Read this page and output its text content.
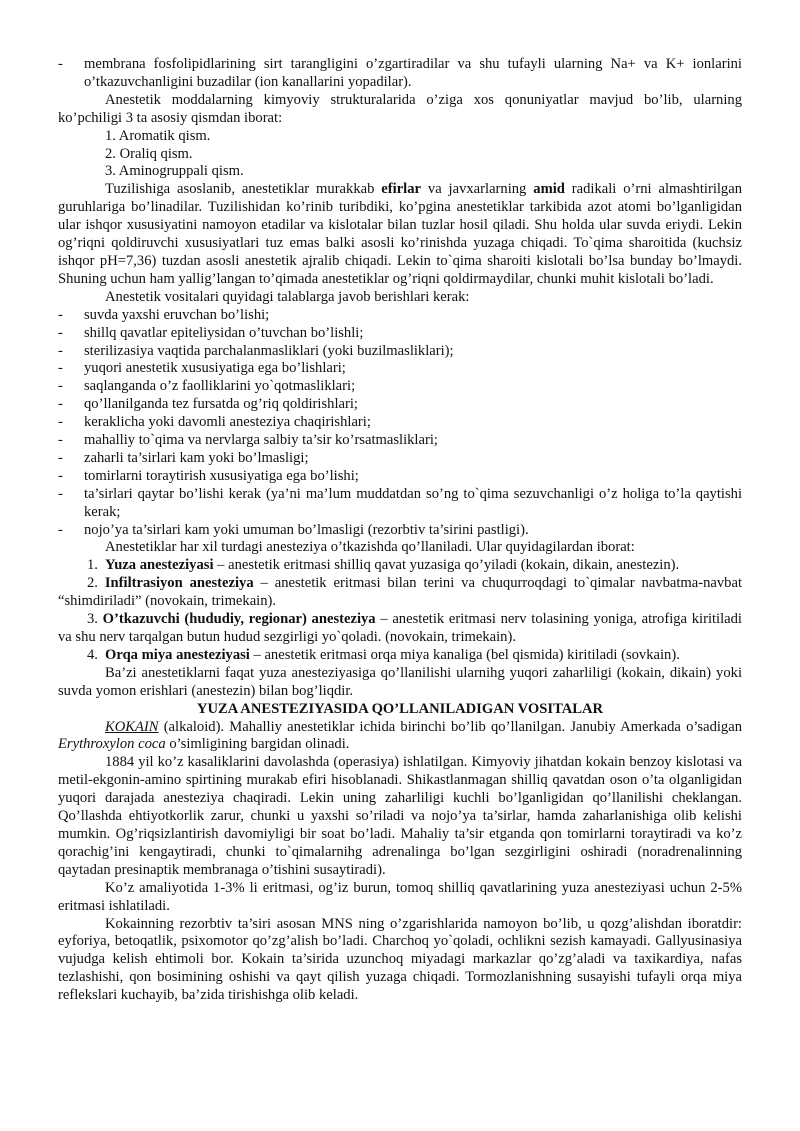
- membrana fosfolipidlarining sirt tarangligini o’zgartiradilar va shu tufayli ularning Na+ va K+ ionlarini o’tkazuvchanligini buzadilar (ion kanallarini yopadilar).

Anestetik moddalarning kimyoviy strukturalarida o’ziga xos qonuniyatlar mavjud bo’lib, ularning ko’pchiligi 3 ta asosiy qismdan iborat:

1. Aromatik qism.

2. Oraliq qism.

3. Aminogruppali qism.

Tuzilishiga asoslanib, anestetiklar murakkab efirlar va javxarlarning amid radikali o’rni almashtirilgan guruhlariga bo’linadilar. Tuzilishidan ko’rinib turibdiki, ko’pgina anestetiklar tarkibida azot atomi bo’lganligidan ular ishqor xususiyatini namoyon etadilar va kislotalar bilan tuzlar hosil qiladi. Shu holda ular suvda eriydi. Lekin og’riqni qoldiruvchi xususiyatlari tuz emas balki asosli ko’rinishda yuzaga chiqadi. To`qima sharoitida (kuchsiz ishqor pH=7,36) tuzdan asosli anestetik ajralib chiqadi. Lekin to`qima sharoiti kislotali bo’lsa bunday bo’lmaydi. Shuning uchun ham yallig’langan to’qimada anestetiklar og’riqni qoldirmaydilar, chunki muhit kislotali bo’ladi.

Anestetik vositalari quyidagi talablarga javob berishlari kerak:

- suvda yaxshi eruvchan bo’lishi;

- shillq qavatlar epiteliysidan o’tuvchan bo’lishli;

- sterilizasiya vaqtida parchalanmasliklari (yoki buzilmasliklari);

- yuqori anestetik xususiyatiga ega bo’lishlari;

- saqlanganda o’z faolliklarini yo`qotmasliklari;

- qo’llanilganda tez fursatda og’riq qoldirishlari;

- keraklicha yoki davomli anesteziya chaqirishlari;

- mahalliy to`qima va nervlarga salbiy ta’sir ko’rsatmasliklari;

- zaharli ta’sirlari kam yoki bo’lmasligi;

- tomirlarni toraytirish xususiyatiga ega bo’lishi;

- ta’sirlari qaytar bo’lishi kerak (ya’ni ma’lum muddatdan so’ng to`qima sezuvchanligi o’z holiga to’la qaytishi kerak;

- nojo’ya ta’sirlari kam yoki umuman bo’lmasligi (rezorbtiv ta’sirini pastligi).

Anestetiklar har xil turdagi anesteziya o’tkazishda qo’llaniladi. Ular quyidagilardan iborat:

1. Yuza anesteziyasi – anestetik eritmasi shilliq qavat yuzasiga qo’yiladi (kokain, dikain, anestezin).

2. Infiltrasiyon anesteziya – anestetik eritmasi bilan terini va chuqurroqdagi to`qimalar navbatma-navbat “shimdiriladi” (novokain, trimekain).

3. O’tkazuvchi (hududiy, regionar) anesteziya – anestetik eritmasi nerv tolasining yoniga, atrofiga kiritiladi va shu nerv tarqalgan butun hudud sezgirligi yo`qoladi. (novokain, trimekain).

4. Orqa miya anesteziyasi – anestetik eritmasi orqa miya kanaliga (bel qismida) kiritiladi (sovkain).

Ba’zi anestetiklarni faqat yuza anesteziyasiga qo’llanilishi ularnihg yuqori zaharliligi (kokain, dikain) yoki suvda yomon erishlari (anestezin) bilan bog’liqdir.

YUZA ANESTEZIYASIDA QO’LLANILADIGAN VOSITALAR

KOKAIN (alkaloid). Mahalliy anestetiklar ichida birinchi bo’lib qo’llanilgan. Janubiy Amerkada o’sadigan Erythroxylon coca o’simligining bargidan olinadi.

1884 yil ko’z kasaliklarini davolashda (operasiya) ishlatilgan. Kimyoviy jihatdan kokain benzoy kislotasi va metil-ekgonin-amino spirtining murakab efiri hisoblanadi. Shikastlanmagan shilliq qavatdan oson o’ta olganligidan yuqori darajada anesteziya chaqiradi. Lekin uning zaharliligi kuchli bo’lganligidan qo’llanilishi cheklangan. Qo’llashda ehtiyotkorlik zarur, chunki u yaxshi so’riladi va nojo’ya ta’sirlar, hamda zaharlanishiga olib kelishi mumkin. Og’riqsizlantirish davomiyligi bir soat bo’ladi. Mahaliy ta’sir etganda qon tomirlarni toraytiradi va ko’z qorachig’ini kengaytiradi, chunki to`qimalarnihg adrenalinga bo’lgan sezgirligini oshiradi (noradrenalinning qaytadan presinaptik membranaga o’tishini susaytiradi).

Ko’z amaliyotida 1-3% li eritmasi, og’iz burun, tomoq shilliq qavatlarining yuza anesteziyasi uchun 2-5% eritmasi ishlatiladi.

Kokainning rezorbtiv ta’siri asosan MNS ning o’zgarishlarida namoyon bo’lib, u qozg’alishdan iboratdir: eyforiya, betoqatlik, psixomotor qo’zg’alish bo’ladi. Charchoq yo`qoladi, ochlikni sezish kamayadi. Gallyusinasiya vujudga kelish ehtimoli bor. Kokain ta’sirida uzunchoq miyadagi markazlar qo’zg’aladi va taxikardiya, nafas tezlashishi, qon bosimining oshishi va qayt qilish yuzaga chiqadi. Tormozlanishning susayishi tufayli orqa miya reflekslari kuchayib, ba’zida tirishishga olib keladi.
